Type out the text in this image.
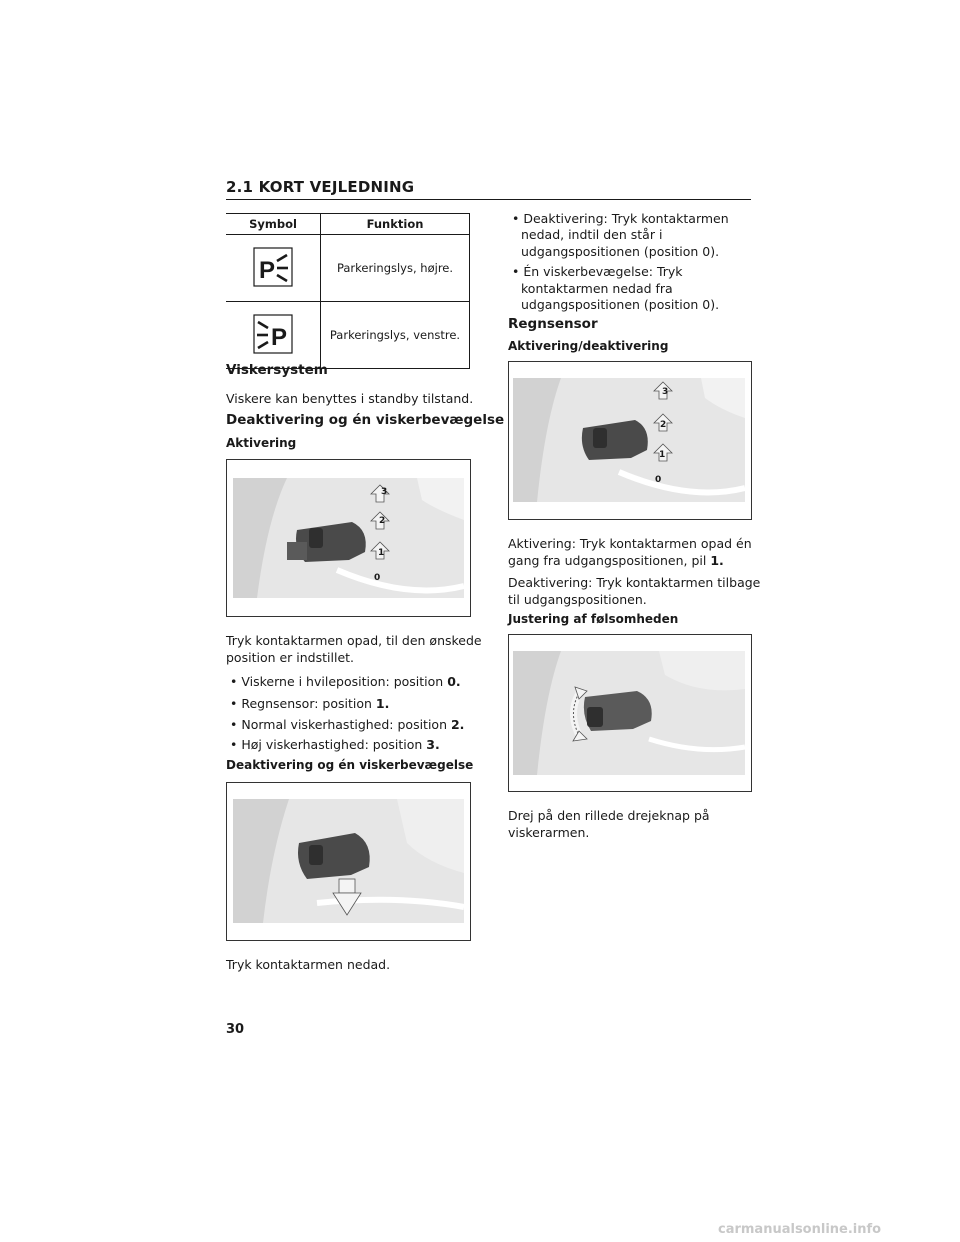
2.1 KORT VEJLEDNING
Symbol	Funktion

P	Parkeringslys, højre.

P	Parkeringslys, venstre.
Viskersystem
Viskere kan benyttes i standby tilstand.
Deaktivering og én viskerbevægelse
Aktivering
3
2
1
0
Tryk kontaktarmen opad, til den ønskede
position er indstillet.
• Viskerne i hvileposition: position 0.
• Regnsensor: position 1.
• Normal viskerhastighed: position 2.
• Høj viskerhastighed: position 3.
Deaktivering og én viskerbevægelse
Tryk kontaktarmen nedad.
• Deaktivering: Tryk kontaktarmen
nedad, indtil den står i
udgangspositionen (position 0).
• Én viskerbevægelse: Tryk
kontaktarmen nedad fra
udgangspositionen (position 0).
Regnsensor
Aktivering/deaktivering
3
2
1
0
Aktivering: Tryk kontaktarmen opad én
gang fra udgangspositionen, pil 1.
Deaktivering: Tryk kontaktarmen tilbage
til udgangspositionen.
Justering af følsomheden
Drej på den rillede drejeknap på
viskerarmen.
30
carmanualsonline.info
